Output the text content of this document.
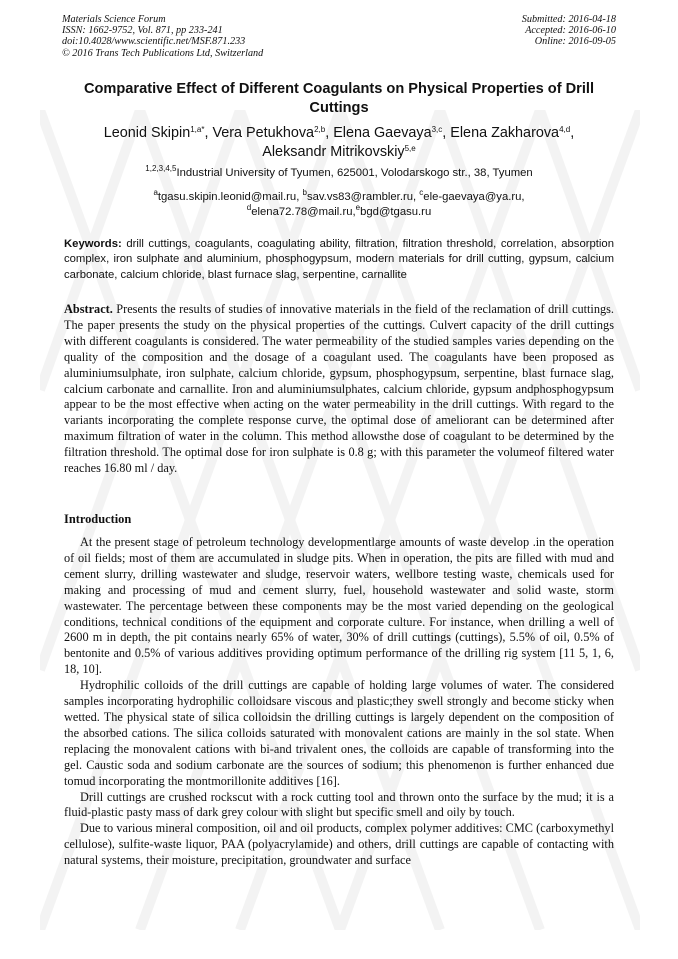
Materials Science Forum
ISSN: 1662-9752, Vol. 871, pp 233-241
doi:10.4028/www.scientific.net/MSF.871.233
© 2016 Trans Tech Publications Ltd, Switzerland
Submitted: 2016-04-18
Accepted: 2016-06-10
Online: 2016-09-05
Comparative Effect of Different Coagulants on Physical Properties of Drill Cuttings
Leonid Skipin$^{1,a*}$, Vera Petukhova$^{2,b}$, Elena Gaevaya$^{3,c}$, Elena Zakharova$^{4,d}$,
Aleksandr Mitrikovskiy$^{5,e}$
$^{1,2,3,4,5}$Industrial University of Tyumen, 625001, Volodarskogo str., 38, Tyumen
$^a$tgasu.skipin.leonid@mail.ru, $^b$sav.vs83@rambler.ru, $^c$ele-gaevaya@ya.ru,
$^d$elena72.78@mail.ru,$^e$bgd@tgasu.ru
Keywords: drill cuttings, coagulants, coagulating ability, filtration, filtration threshold, correlation, absorption complex, iron sulphate and aluminium, phosphogypsum, modern materials for drill cutting, gypsum, calcium carbonate, calcium chloride, blast furnace slag, serpentine, carnallite
Abstract. Presents the results of studies of innovative materials in the field of the reclamation of drill cuttings. The paper presents the study on the physical properties of the cuttings. Culvert capacity of the drill cuttings with different coagulants is considered. The water permeability of the studied samples varies depending on the quality of the composition and the dosage of a coagulant used. The coagulants have been proposed as aluminiumsulphate, iron sulphate, calcium chloride, gypsum, phosphogypsum, serpentine, blast furnace slag, calcium carbonate and carnallite. Iron and aluminiumsulphates, calcium chloride, gypsum andphosphogypsum appear to be the most effective when acting on the water permeability in the drill cuttings. With regard to the variants incorporating the complete response curve, the optimal dose of ameliorant can be determined after maximum filtration of water in the column. This method allowsthe dose of coagulant to be determined by the filtration threshold. The optimal dose for iron sulphate is 0.8 g; with this parameter the volumeof filtered water reaches 16.80 ml / day.
Introduction

At the present stage of petroleum technology developmentlarge amounts of waste develop .in the operation of oil fields; most of them are accumulated in sludge pits. When in operation, the pits are filled with mud and cement slurry, drilling wastewater and sludge, reservoir waters, wellbore testing waste, chemicals used for making and processing of mud and cement slurry, fuel, household wastewater and solid waste, storm wastewater. The percentage between these components may be the most varied depending on the geological conditions, technical conditions of the equipment and corporate culture. For instance, when drilling a well of 2600 m in depth, the pit contains nearly 65% of water, 30% of drill cuttings (cuttings), 5.5% of oil, 0.5% of bentonite and 0.5% of various additives providing optimum performance of the drilling rig system [11 5, 1, 6, 18, 10].

Hydrophilic colloids of the drill cuttings are capable of holding large volumes of water. The considered samples incorporating hydrophilic colloidsare viscous and plastic;they swell strongly and become sticky when wetted. The physical state of silica colloidsin the drilling cuttings is largely dependent on the composition of the absorbed cations. The silica colloids saturated with monovalent cations are mainly in the sol state. When replacing the monovalent cations with bi-and trivalent ones, the colloids are capable of transforming into the gel. Caustic soda and sodium carbonate are the sources of sodium; this phenomenon is further enhanced due tomud incorporating the montmorillonite additives [16].

Drill cuttings are crushed rockscut with a rock cutting tool and thrown onto the surface by the mud; it is a fluid-plastic pasty mass of dark grey colour with slight but specific smell and oily by touch.

Due to various mineral composition, oil and oil products, complex polymer additives: CMC (carboxymethyl cellulose), sulfite-waste liquor, PAA (polyacrylamide) and others, drill cuttings are capable of contacting with natural systems, their moisture, precipitation, groundwater and surface
